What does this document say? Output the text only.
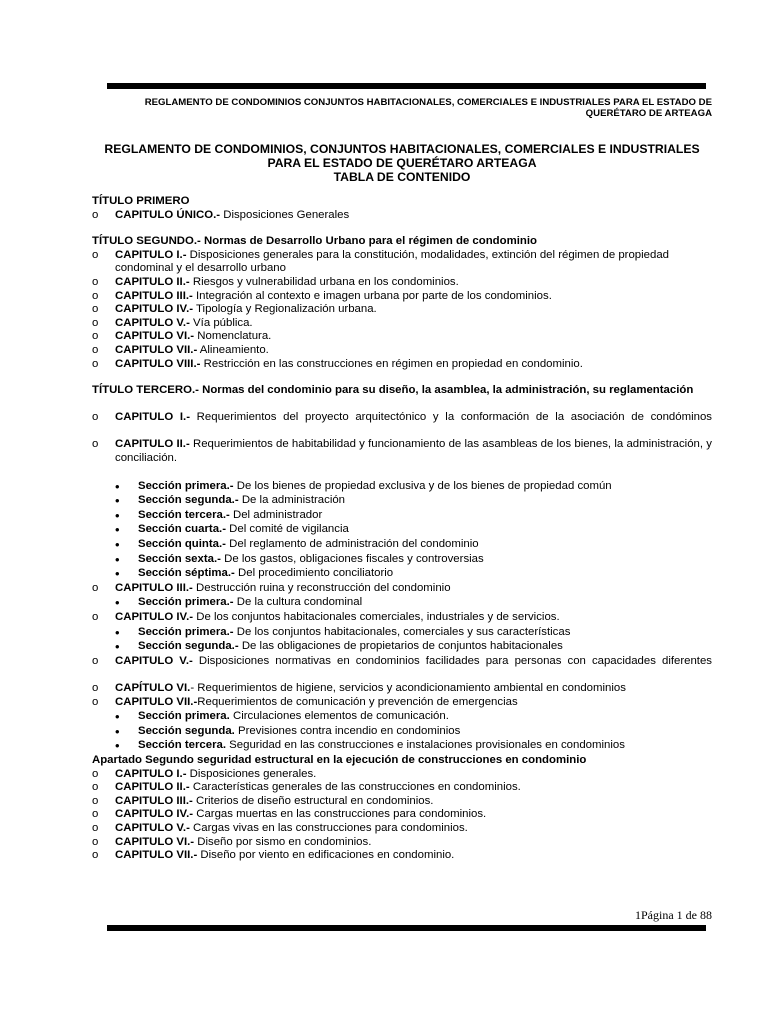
REGLAMENTO DE CONDOMINIOS CONJUNTOS HABITACIONALES, COMERCIALES E INDUSTRIALES PARA EL ESTADO DE QUERÉTARO DE ARTEAGA
REGLAMENTO DE CONDOMINIOS, CONJUNTOS HABITACIONALES, COMERCIALES E INDUSTRIALES
PARA EL ESTADO DE QUERÉTARO ARTEAGA
TABLA DE CONTENIDO
TÍTULO PRIMERO
o CAPITULO ÚNICO.- Disposiciones Generales
TÍTULO SEGUNDO.- Normas de Desarrollo Urbano para el régimen de condominio
o CAPITULO I.- Disposiciones generales para la constitución, modalidades, extinción del régimen de propiedad condominal y el desarrollo urbano
o CAPITULO II.- Riesgos y vulnerabilidad urbana en los condominios.
o CAPITULO III.- Integración al contexto e imagen urbana por parte de los condominios.
o CAPITULO IV.- Tipología y Regionalización urbana.
o CAPITULO V.- Vía pública.
o CAPITULO VI.- Nomenclatura.
o CAPITULO VII.- Alineamiento.
o CAPITULO VIII.- Restricción en las construcciones en régimen en propiedad en condominio.
TÍTULO TERCERO.- Normas del condominio para su diseño, la asamblea, la administración, su reglamentación
o CAPITULO I.- Requerimientos del proyecto arquitectónico y la conformación de la asociación de condóminos
o CAPITULO II.- Requerimientos de habitabilidad y funcionamiento de las asambleas de los bienes, la administración, y conciliación.
• Sección primera.- De los bienes de propiedad exclusiva y de los bienes de propiedad común
• Sección segunda.- De la administración
• Sección tercera.- Del administrador
• Sección cuarta.- Del comité de vigilancia
• Sección quinta.- Del reglamento de administración del condominio
• Sección sexta.- De los gastos, obligaciones fiscales y controversias
• Sección séptima.- Del procedimiento conciliatorio
o CAPITULO III.- Destrucción ruina y reconstrucción del condominio
• Sección primera.- De la cultura condominal
o CAPITULO IV.- De los conjuntos habitacionales comerciales, industriales y de servicios.
• Sección primera.- De los conjuntos habitacionales, comerciales y sus características
• Sección segunda.- De las obligaciones de propietarios de conjuntos habitacionales
o CAPITULO V.- Disposiciones normativas en condominios facilidades para personas con capacidades diferentes
o CAPÍTULO VI.- Requerimientos de higiene, servicios y acondicionamiento ambiental en condominios
o CAPITULO VII.-Requerimientos de comunicación y prevención de emergencias
• Sección primera. Circulaciones elementos de comunicación.
• Sección segunda. Previsiones contra incendio en condominios
• Sección tercera. Seguridad en las construcciones e instalaciones provisionales en condominios
Apartado Segundo seguridad estructural en la ejecución de construcciones en condominio
o CAPITULO I.- Disposiciones generales.
o CAPITULO II.- Características generales de las construcciones en condominios.
o CAPITULO III.- Criterios de diseño estructural en condominios.
o CAPITULO IV.- Cargas muertas en las construcciones para condominios.
o CAPITULO V.- Cargas vivas en las construcciones para condominios.
o CAPITULO VI.- Diseño por sismo en condominios.
o CAPITULO VII.- Diseño por viento en edificaciones en condominio.
1Página 1 de 88
